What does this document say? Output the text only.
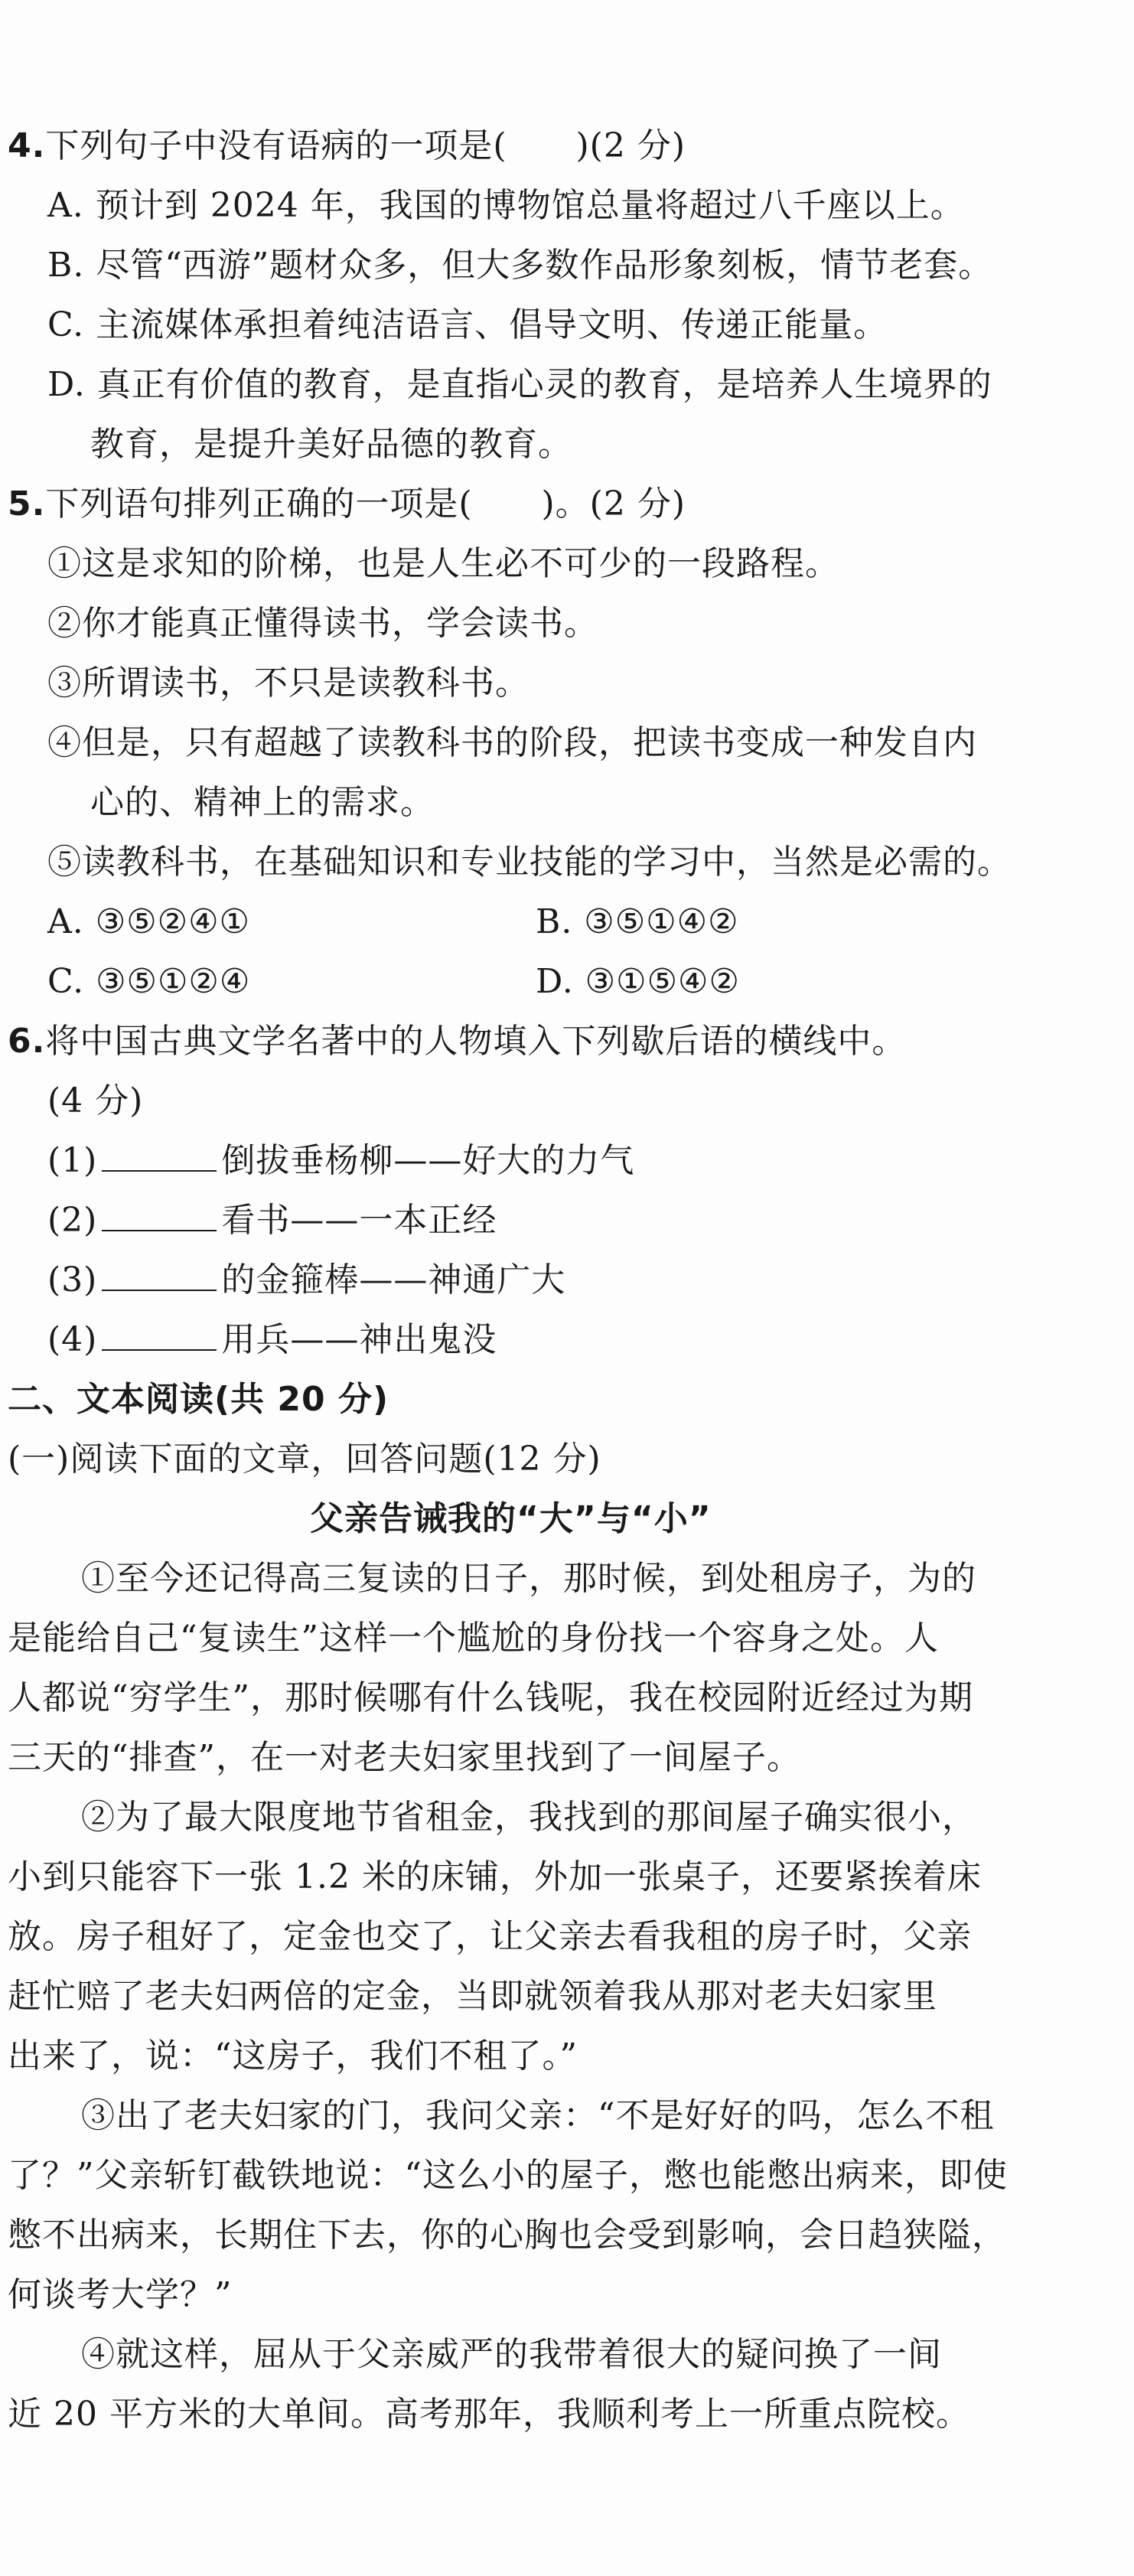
4.下列句子中没有语病的一项是( )(2 分)
A. 预计到 2024 年，我国的博物馆总量将超过八千座以上。
B. 尽管“西游”题材众多，但大多数作品形象刻板，情节老套。
C. 主流媒体承担着纯洁语言、倡导文明、传递正能量。
D. 真正有价值的教育，是直指心灵的教育，是培养人生境界的
教育，是提升美好品德的教育。
5.下列语句排列正确的一项是( )。(2 分)
①这是求知的阶梯，也是人生必不可少的一段路程。
②你才能真正懂得读书，学会读书。
③所谓读书，不只是读教科书。
④但是，只有超越了读教科书的阶段，把读书变成一种发自内
心的、精神上的需求。
⑤读教科书，在基础知识和专业技能的学习中，当然是必需的。
A. ③⑤②④①	B. ③⑤①④②
C. ③⑤①②④	D. ③①⑤④②
6.将中国古典文学名著中的人物填入下列歇后语的横线中。
(4 分)
(1)	倒拔垂杨柳——好大的力气
(2)	看书——一本正经
(3)	的金箍棒——神通广大
(4)	用兵——神出鬼没
二、文本阅读(共 20 分)
(一)阅读下面的文章，回答问题(12 分)
父亲告诫我的“大”与“小”
①至今还记得高三复读的日子，那时候，到处租房子，为的
是能给自己“复读生”这样一个尴尬的身份找一个容身之处。人
人都说“穷学生”，那时候哪有什么钱呢，我在校园附近经过为期
三天的“排查”，在一对老夫妇家里找到了一间屋子。
②为了最大限度地节省租金，我找到的那间屋子确实很小，
小到只能容下一张 1.2 米的床铺，外加一张桌子，还要紧挨着床
放。房子租好了，定金也交了，让父亲去看我租的房子时，父亲
赶忙赔了老夫妇两倍的定金，当即就领着我从那对老夫妇家里
出来了，说：“这房子，我们不租了。”
③出了老夫妇家的门，我问父亲：“不是好好的吗，怎么不租
了？”父亲斩钉截铁地说：“这么小的屋子，憋也能憋出病来，即使
憋不出病来，长期住下去，你的心胸也会受到影响，会日趋狭隘，
何谈考大学？”
④就这样，屈从于父亲威严的我带着很大的疑问换了一间
近 20 平方米的大单间。高考那年，我顺利考上一所重点院校。
